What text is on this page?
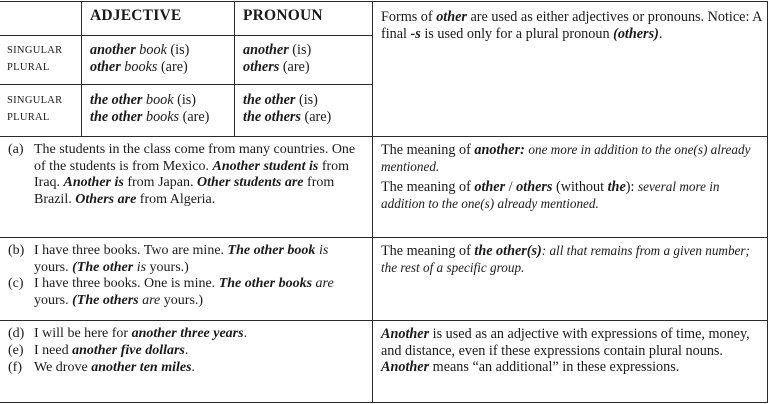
ADJECTIVE	PRONOUN
SINGULAR
PLURAL
another book (is)
other books (are)
another (is)
others (are)
SINGULAR
PLURAL
the other book (is)
the other books (are)
the other (is)
the others (are)
Forms of other are used as either adjectives or pronouns. Notice: A final -s is used only for a plural pronoun (others).
(a) The students in the class come from many countries. One of the students is from Mexico. Another student is from Iraq. Another is from Japan. Other students are from Brazil. Others are from Algeria.
The meaning of another: one more in addition to the one(s) already mentioned.
The meaning of other / others (without the): several more in addition to the one(s) already mentioned.
(b) I have three books. Two are mine. The other book is yours. (The other is yours.)
(c) I have three books. One is mine. The other books are yours. (The others are yours.)
The meaning of the other(s): all that remains from a given number; the rest of a specific group.
(d) I will be here for another three years.
(e) I need another five dollars.
(f) We drove another ten miles.
Another is used as an adjective with expressions of time, money, and distance, even if these expressions contain plural nouns. Another means “an additional” in these expressions.
